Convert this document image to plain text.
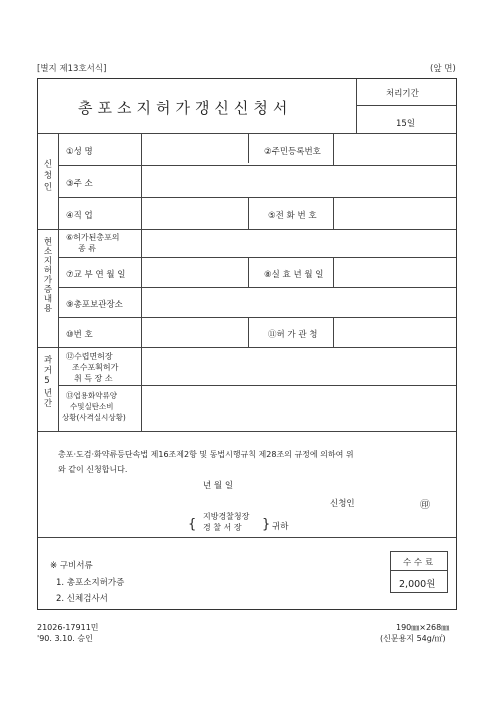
[별지 제13호서식]	(앞 면)
총포소지허가갱신신청서
처리기간
15일
신청인
현소지허가증내용
과거5년간
①성 명	②주민등록번호
③주 소
④직 업	⑤전 화 번 호
⑥허가된총포의
종 류
⑦교 부 연 월 일	⑧실 효 년 월 일
⑨총포보관장소
⑩번 호	⑪허 가 관 청
⑫수렵면허장
조수포획허가
취 득 장 소
⑬엽용화약류양
수및실탄소비
상황(사격실시상황)
총포·도검·화약류등단속법 제16조제2항 및 동법시행규칙 제28조의 규정에 의하여 위
와 같이 신청합니다.
년 월 일
신청인	㊞
{
지방경찰청장
경 찰 서 장	} 귀하
※ 구비서류
1. 총포소지허가증
2. 신체검사서
수 수 료
2,000원
21026-17911민
'90. 3.10. 승인
190㎜×268㎜
(신문용지 54g/㎡)
